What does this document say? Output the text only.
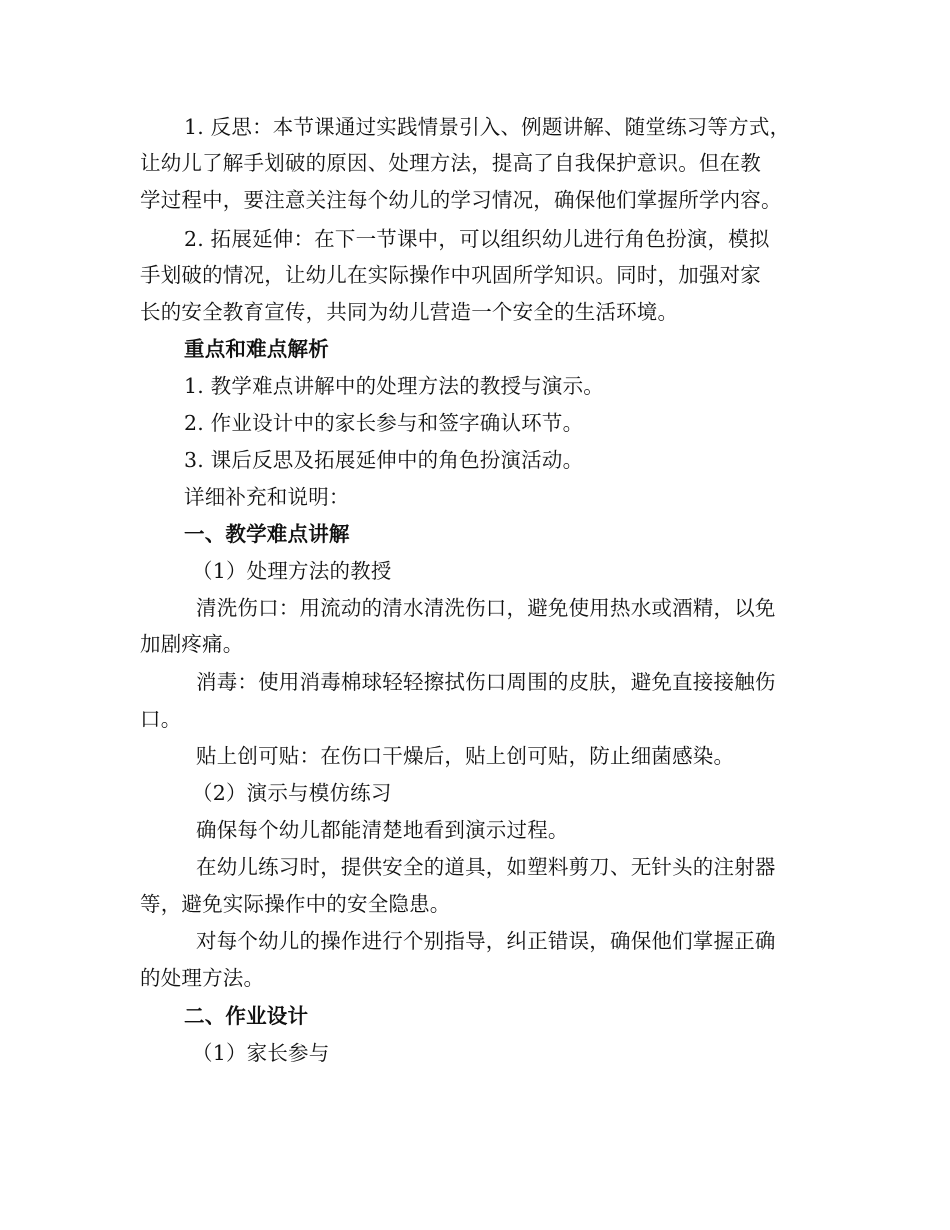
1. 反思：本节课通过实践情景引入、例题讲解、随堂练习等方式，
让幼儿了解手划破的原因、处理方法，提高了自我保护意识。但在教
学过程中，要注意关注每个幼儿的学习情况，确保他们掌握所学内容。
2. 拓展延伸：在下一节课中，可以组织幼儿进行角色扮演，模拟
手划破的情况，让幼儿在实际操作中巩固所学知识。同时，加强对家
长的安全教育宣传，共同为幼儿营造一个安全的生活环境。
重点和难点解析
1. 教学难点讲解中的处理方法的教授与演示。
2. 作业设计中的家长参与和签字确认环节。
3. 课后反思及拓展延伸中的角色扮演活动。
详细补充和说明：
一、教学难点讲解
（1）处理方法的教授
清洗伤口：用流动的清水清洗伤口，避免使用热水或酒精，以免
加剧疼痛。
消毒：使用消毒棉球轻轻擦拭伤口周围的皮肤，避免直接接触伤
口。
贴上创可贴：在伤口干燥后，贴上创可贴，防止细菌感染。
（2）演示与模仿练习
确保每个幼儿都能清楚地看到演示过程。
在幼儿练习时，提供安全的道具，如塑料剪刀、无针头的注射器
等，避免实际操作中的安全隐患。
对每个幼儿的操作进行个别指导，纠正错误，确保他们掌握正确
的处理方法。
二、作业设计
（1）家长参与
